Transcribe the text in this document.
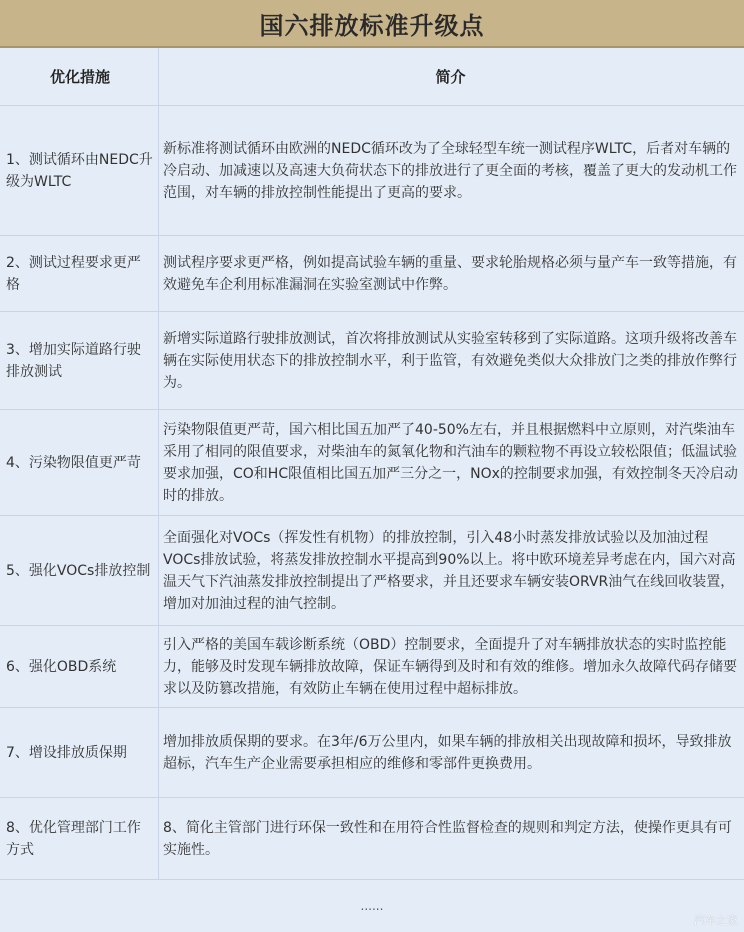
国六排放标准升级点
优化措施	简介
1、测试循环由NEDC升级为WLTC
新标准将测试循环由欧洲的NEDC循环改为了全球轻型车统一测试程序WLTC，后者对车辆的冷启动、加减速以及高速大负荷状态下的排放进行了更全面的考核，覆盖了更大的发动机工作范围，对车辆的排放控制性能提出了更高的要求。
2、测试过程要求更严格
测试程序要求更严格，例如提高试验车辆的重量、要求轮胎规格必须与量产车一致等措施，有效避免车企利用标准漏洞在实验室测试中作弊。
3、增加实际道路行驶排放测试
新增实际道路行驶排放测试，首次将排放测试从实验室转移到了实际道路。这项升级将改善车辆在实际使用状态下的排放控制水平，利于监管，有效避免类似大众排放门之类的排放作弊行为。
4、污染物限值更严苛
污染物限值更严苛，国六相比国五加严了40-50%左右，并且根据燃料中立原则，对汽柴油车采用了相同的限值要求，对柴油车的氮氧化物和汽油车的颗粒物不再设立较松限值；低温试验要求加强，CO和HC限值相比国五加严三分之一，NOx的控制要求加强，有效控制冬天冷启动时的排放。
5、强化VOCs排放控制
全面强化对VOCs（挥发性有机物）的排放控制，引入48小时蒸发排放试验以及加油过程VOCs排放试验，将蒸发排放控制水平提高到90%以上。将中欧环境差异考虑在内，国六对高温天气下汽油蒸发排放控制提出了严格要求，并且还要求车辆安装ORVR油气在线回收装置，增加对加油过程的油气控制。
6、强化OBD系统
引入严格的美国车载诊断系统（OBD）控制要求，全面提升了对车辆排放状态的实时监控能力，能够及时发现车辆排放故障，保证车辆得到及时和有效的维修。增加永久故障代码存储要求以及防篡改措施，有效防止车辆在使用过程中超标排放。
7、增设排放质保期
增加排放质保期的要求。在3年/6万公里内，如果车辆的排放相关出现故障和损坏，导致排放超标，汽车生产企业需要承担相应的维修和零部件更换费用。
8、优化管理部门工作方式
8、简化主管部门进行环保一致性和在用符合性监督检查的规则和判定方法，使操作更具有可实施性。
......
汽车之家
